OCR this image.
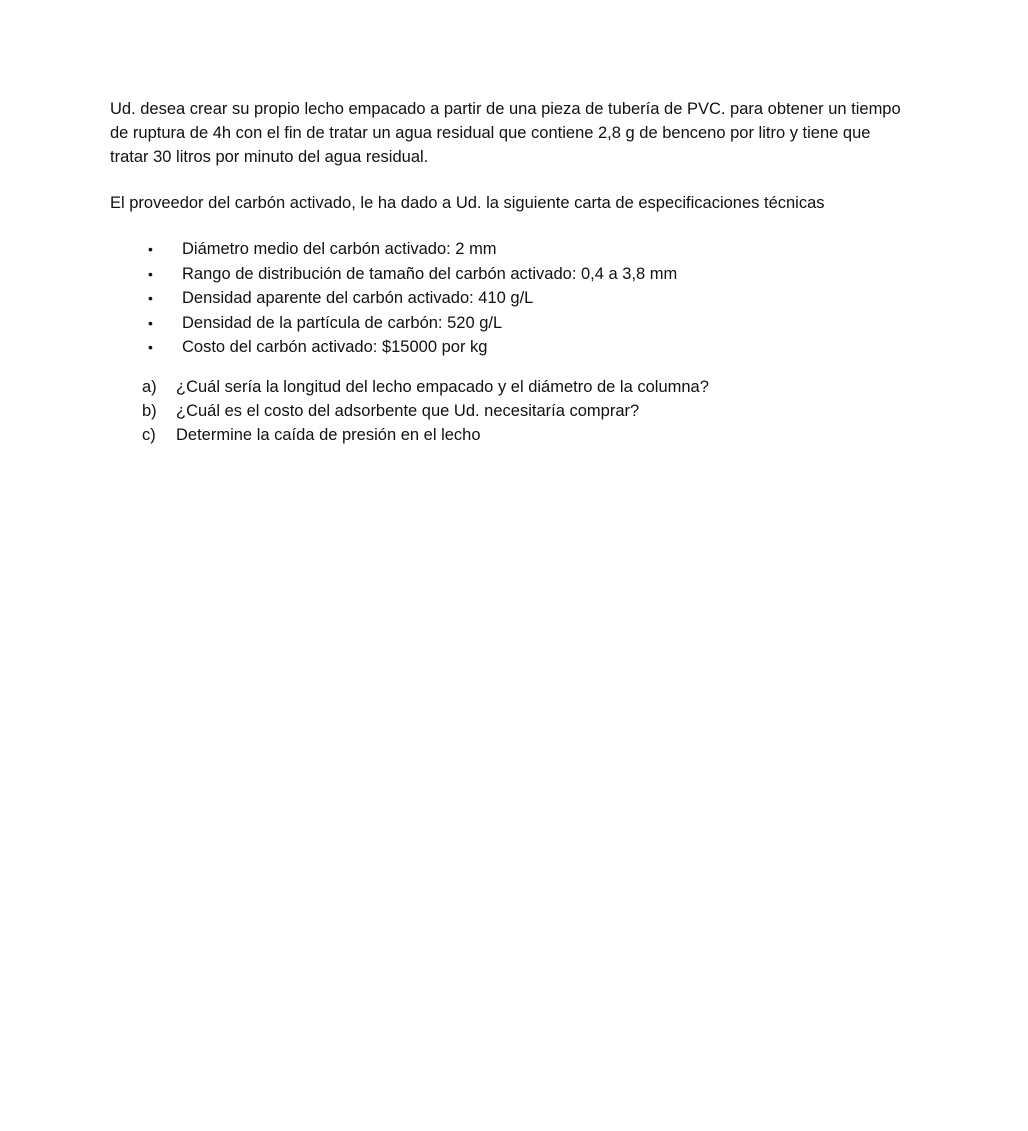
Ud. desea crear su propio lecho empacado a partir de una pieza de tubería de PVC. para obtener un tiempo de ruptura de 4h con el fin de tratar un agua residual que contiene 2,8 g de benceno por litro y tiene que tratar 30 litros por minuto del agua residual.

El proveedor del carbón activado, le ha dado a Ud. la siguiente carta de especificaciones técnicas

• Diámetro medio del carbón activado: 2 mm
• Rango de distribución de tamaño del carbón activado: 0,4 a 3,8 mm
• Densidad aparente del carbón activado: 410 g/L
• Densidad de la partícula de carbón: 520 g/L
• Costo del carbón activado: $15000 por kg
a) ¿Cuál sería la longitud del lecho empacado y el diámetro de la columna?
b) ¿Cuál es el costo del adsorbente que Ud. necesitaría comprar?
c) Determine la caída de presión en el lecho
